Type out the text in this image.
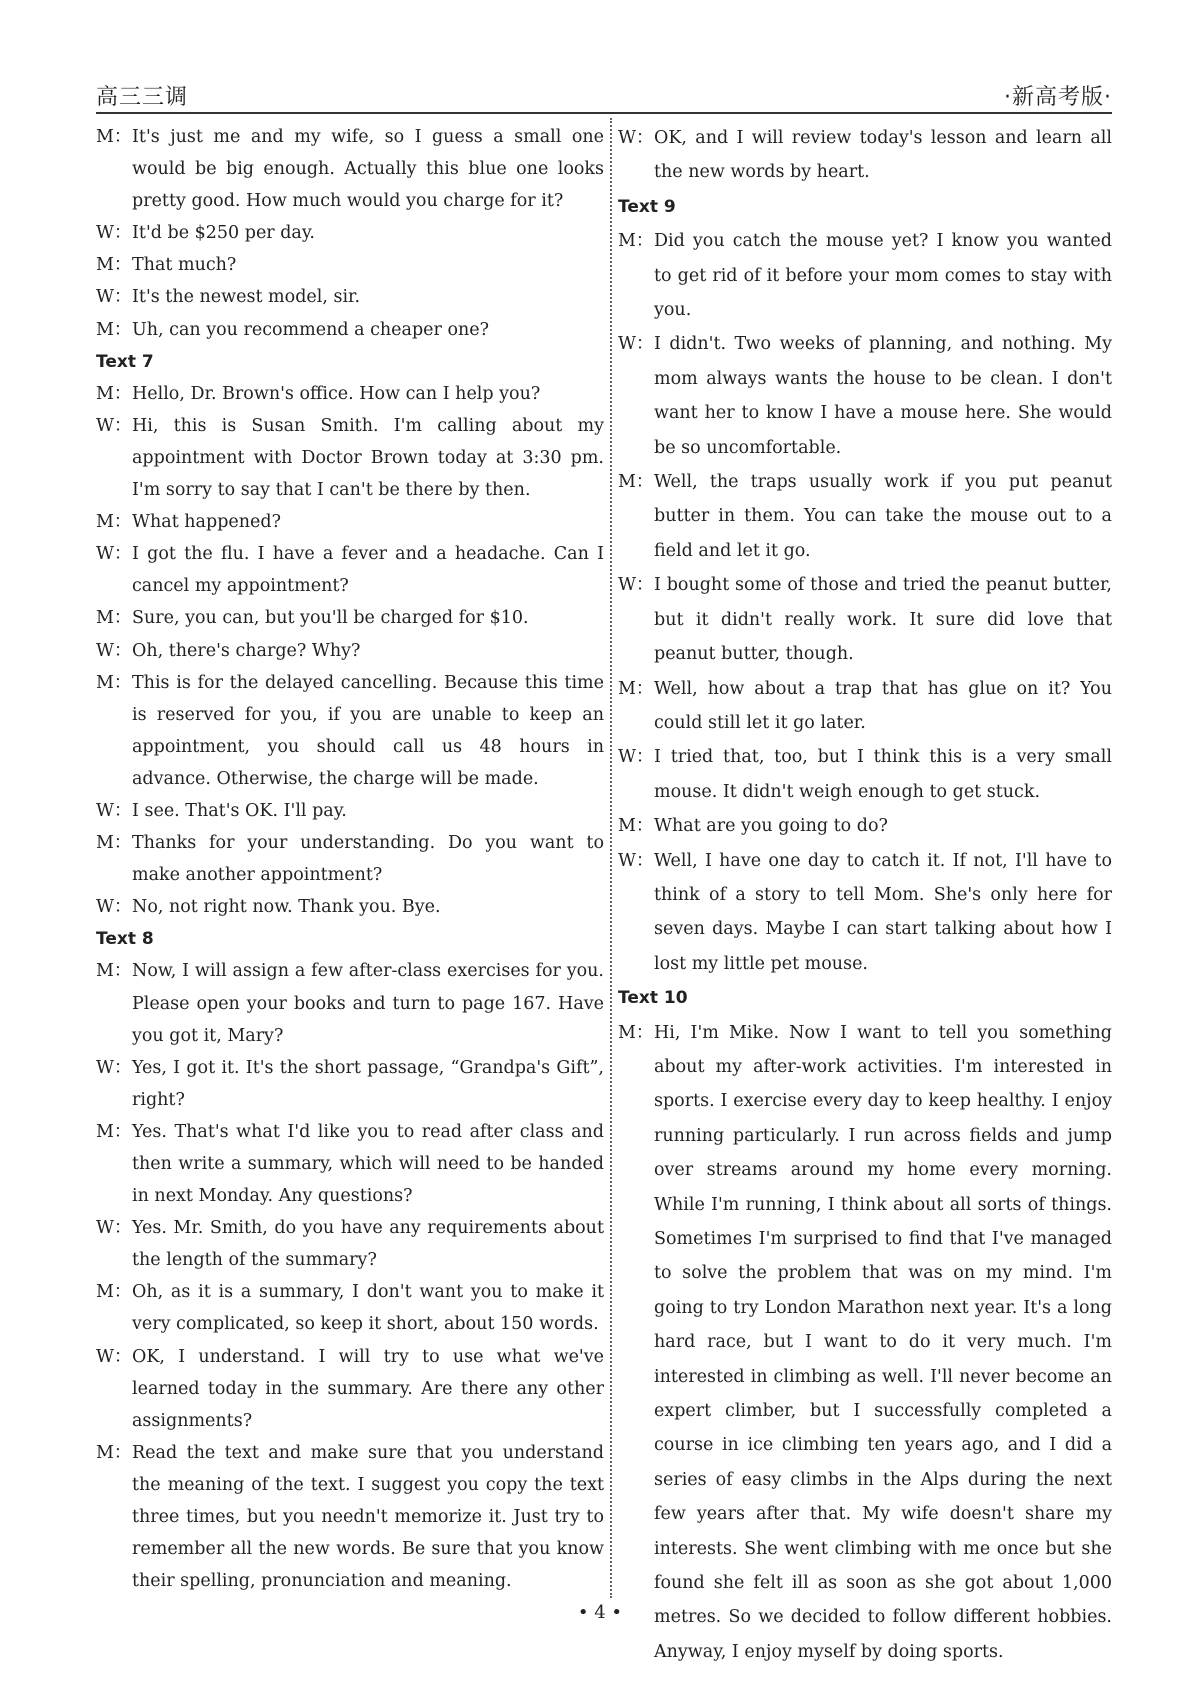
高三三调	·新高考版·
M：It's just me and my wife, so I guess a small one would be big enough. Actually this blue one looks pretty good. How much would you charge for it?
W：It'd be $250 per day.
M：That much?
W：It's the newest model, sir.
M：Uh, can you recommend a cheaper one?
Text 7
M：Hello, Dr. Brown's office. How can I help you?
W：Hi, this is Susan Smith. I'm calling about my appointment with Doctor Brown today at 3:30 pm. I'm sorry to say that I can't be there by then.
M：What happened?
W：I got the flu. I have a fever and a headache. Can I cancel my appointment?
M：Sure, you can, but you'll be charged for $10.
W：Oh, there's charge? Why?
M：This is for the delayed cancelling. Because this time is reserved for you, if you are unable to keep an appointment, you should call us 48 hours in advance. Otherwise, the charge will be made.
W：I see. That's OK. I'll pay.
M：Thanks for your understanding. Do you want to make another appointment?
W：No, not right now. Thank you. Bye.
Text 8
M：Now, I will assign a few after-class exercises for you. Please open your books and turn to page 167. Have you got it, Mary?
W：Yes, I got it. It's the short passage, “Grandpa's Gift”, right?
M：Yes. That's what I'd like you to read after class and then write a summary, which will need to be handed in next Monday. Any questions?
W：Yes. Mr. Smith, do you have any requirements about the length of the summary?
M：Oh, as it is a summary, I don't want you to make it very complicated, so keep it short, about 150 words.
W：OK, I understand. I will try to use what we've learned today in the summary. Are there any other assignments?
M：Read the text and make sure that you understand the meaning of the text. I suggest you copy the text three times, but you needn't memorize it. Just try to remember all the new words. Be sure that you know their spelling, pronunciation and meaning.
W：OK, and I will review today's lesson and learn all the new words by heart.
Text 9
M：Did you catch the mouse yet? I know you wanted to get rid of it before your mom comes to stay with you.
W：I didn't. Two weeks of planning, and nothing. My mom always wants the house to be clean. I don't want her to know I have a mouse here. She would be so uncomfortable.
M：Well, the traps usually work if you put peanut butter in them. You can take the mouse out to a field and let it go.
W：I bought some of those and tried the peanut butter, but it didn't really work. It sure did love that peanut butter, though.
M：Well, how about a trap that has glue on it? You could still let it go later.
W：I tried that, too, but I think this is a very small mouse. It didn't weigh enough to get stuck.
M：What are you going to do?
W：Well, I have one day to catch it. If not, I'll have to think of a story to tell Mom. She's only here for seven days. Maybe I can start talking about how I lost my little pet mouse.
Text 10
M：Hi, I'm Mike. Now I want to tell you something about my after-work activities. I'm interested in sports. I exercise every day to keep healthy. I enjoy running particularly. I run across fields and jump over streams around my home every morning. While I'm running, I think about all sorts of things. Sometimes I'm surprised to find that I've managed to solve the problem that was on my mind. I'm going to try London Marathon next year. It's a long hard race, but I want to do it very much. I'm interested in climbing as well. I'll never become an expert climber, but I successfully completed a course in ice climbing ten years ago, and I did a series of easy climbs in the Alps during the next few years after that. My wife doesn't share my interests. She went climbing with me once but she found she felt ill as soon as she got about 1,000 metres. So we decided to follow different hobbies. Anyway, I enjoy myself by doing sports.
• 4 •
